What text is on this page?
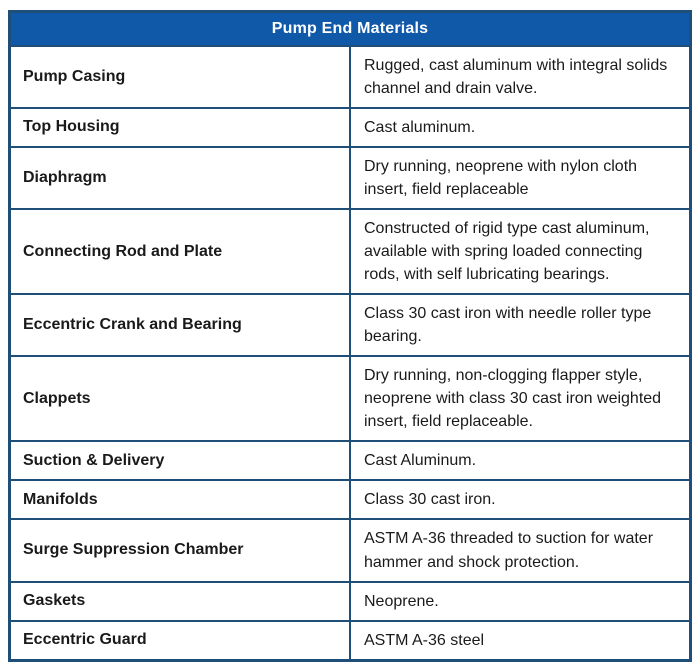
Pump End Materials	
Pump Casing	Rugged, cast aluminum with integral solids channel and drain valve.
Top Housing	Cast aluminum.
Diaphragm	Dry running, neoprene with nylon cloth insert, field replaceable
Connecting Rod and Plate	Constructed of rigid type cast aluminum, available with spring loaded connecting rods, with self lubricating bearings.
Eccentric Crank and Bearing	Class 30 cast iron with needle roller type bearing.
Clappets	Dry running, non-clogging flapper style, neoprene with class 30 cast iron weighted insert, field replaceable.
Suction & Delivery	Cast Aluminum.
Manifolds	Class 30 cast iron.
Surge Suppression Chamber	ASTM A-36 threaded to suction for water hammer and shock protection.
Gaskets	Neoprene.
Eccentric Guard	ASTM A-36 steel
